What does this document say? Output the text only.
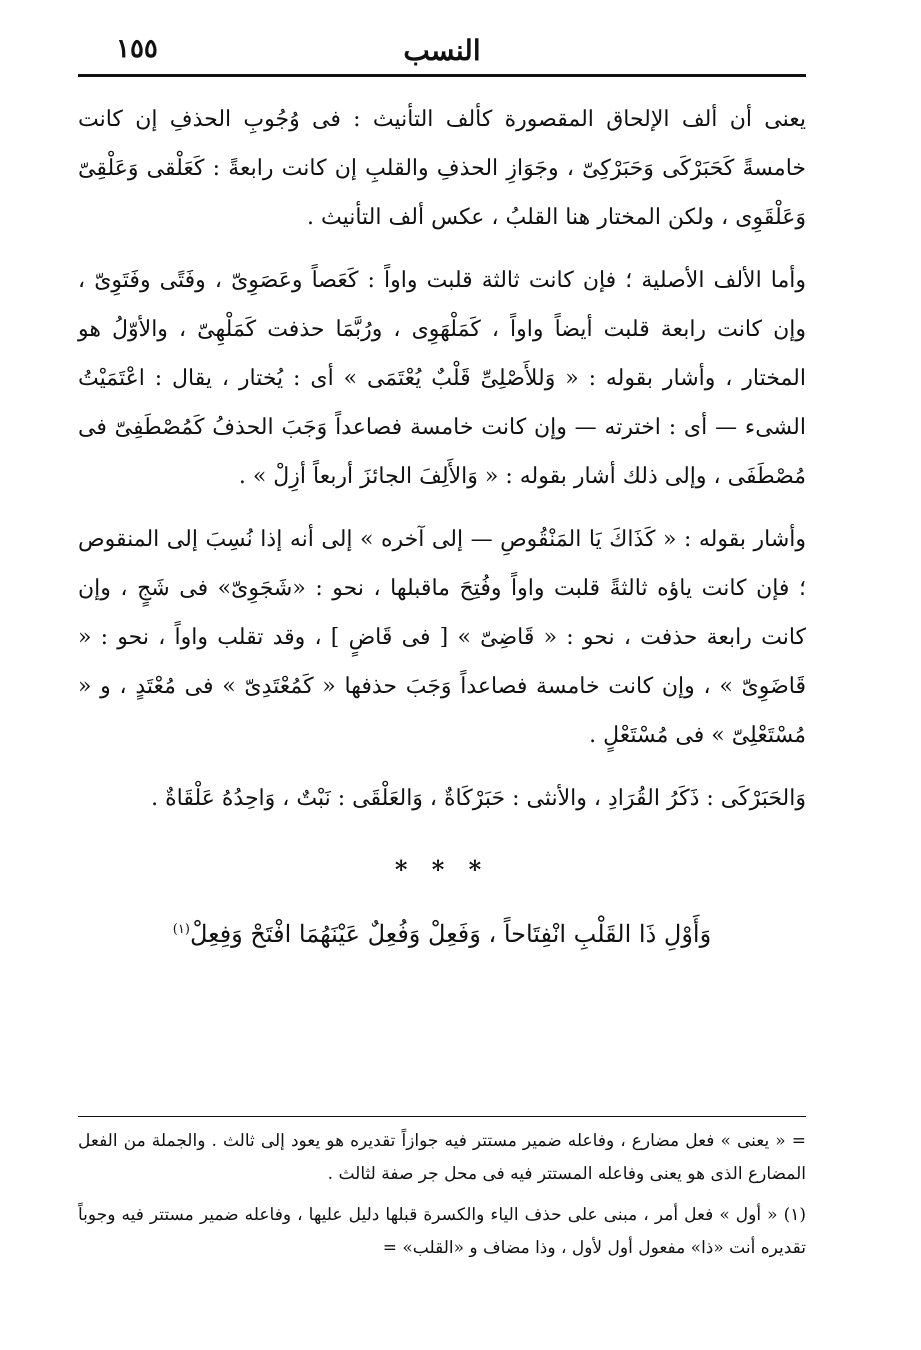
النسب
١٥٥

يعنى أن ألف الإلحاق المقصورة كألف التأنيث : فى وُجُوبِ الحذفِ إن كانت خامسةً كَحَبَرْكَى وَحَبَرْكِىّ ، وجَوَازِ الحذفِ والقلبِ إن كانت رابعةً : كَعَلْقى وَعَلْقِىّ وَعَلْقَوِى ، ولكن المختار هنا القلبُ ، عكس ألف التأنيث .

وأما الألف الأصلية ؛ فإن كانت ثالثة قلبت واواً : كَعَصاً وعَصَوِىّ ، وفَتًى وفَتَوِىّ ، وإن كانت رابعة قلبت أيضاً واواً ، كَمَلْهَوِى ، ورُبَّمَا حذفت كَمَلْهِىّ ، والأوّلُ هو المختار ، وأشار بقوله : « وَللأَصْلِىِّ قَلْبٌ يُعْتَمَى » أى : يُختار ، يقال : اعْتَمَيْتُ الشىء — أى : اخترته — وإن كانت خامسة فصاعداً وَجَبَ الحذفُ كَمُصْطَفِىّ فى مُصْطَفَى ، وإلى ذلك أشار بقوله : « وَالأَلِفَ الجائزَ أربعاً أزِلْ » .

وأشار بقوله : « كَذَاكَ يَا المَنْقُوصِ — إلى آخره » إلى أنه إذا نُسِبَ إلى المنقوص ؛ فإن كانت ياؤه ثالثةً قلبت واواً وفُتِحَ ماقبلها ، نحو : «شَجَوِىّ» فى شَجٍ ، وإن كانت رابعة حذفت ، نحو : « قَاضِىّ » [ فى قَاضٍ ] ، وقد تقلب واواً ، نحو : « قَاضَوِىّ » ، وإن كانت خامسة فصاعداً وَجَبَ حذفها « كَمُعْتَدِىّ » فى مُعْتَدٍ ، و « مُسْتَعْلِىّ » فى مُسْتَعْلٍ .

وَالحَبَرْكَى : ذَكَرُ القُرَادِ ، والأنثى : حَبَرْكَاةٌ ، وَالعَلْقَى : نَبْتٌ ، وَاحِدُهُ عَلْقَاةٌ .

* * *
وَأَوْلِ ذَا القَلْبِ انْفِتَاحاً ، وَفَعِلْ وَفُعِلٌ عَيْنَهُمَا افْتَحْ وَفِعِلْ$^{(١)}$

= « يعنى » فعل مضارع ، وفاعله ضمير مستتر فيه جوازاً تقديره هو يعود إلى ثالث . والجملة من الفعل المضارع الذى هو يعنى وفاعله المستتر فيه فى محل جر صفة لثالث .

(١) « أول » فعل أمر ، مبنى على حذف الياء والكسرة قبلها دليل عليها ، وفاعله ضمير مستتر فيه وجوباً تقديره أنت «ذا» مفعول أول لأول ، وذا مضاف و «القلب» =
